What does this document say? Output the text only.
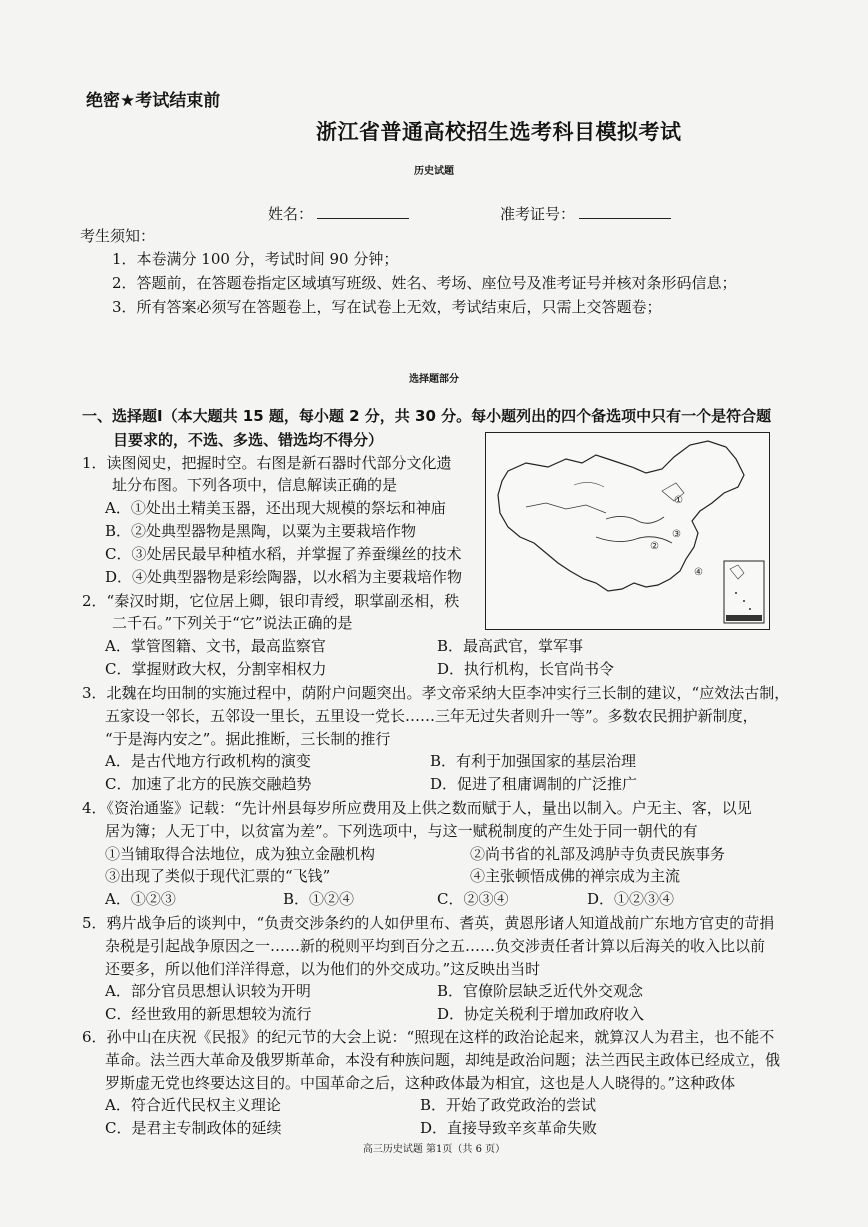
绝密★考试结束前
浙江省普通高校招生选考科目模拟考试
历史试题
姓名：	准考证号：
考生须知：
1．本卷满分 100 分，考试时间 90 分钟；
2．答题前，在答题卷指定区域填写班级、姓名、考场、座位号及准考证号并核对条形码信息；
3．所有答案必须写在答题卷上，写在试卷上无效，考试结束后，只需上交答题卷；
选择题部分
一、选择题Ⅰ（本大题共 15 题，每小题 2 分，共 30 分。每小题列出的四个备选项中只有一个是符合题
目要求的，不选、多选、错选均不得分）
1．读图阅史，把握时空。右图是新石器时代部分文化遗
址分布图。下列各项中，信息解读正确的是
A．①处出土精美玉器，还出现大规模的祭坛和神庙
B．②处典型器物是黑陶，以粟为主要栽培作物
C．③处居民最早种植水稻，并掌握了养蚕缫丝的技术
D．④处典型器物是彩绘陶器，以水稻为主要栽培作物
①
②
③
④
2．“秦汉时期，它位居上卿，银印青绶，职掌副丞相，秩
二千石。”下列关于“它”说法正确的是
A．掌管图籍、文书，最高监察官	B．最高武官，掌军事
C．掌握财政大权，分割宰相权力	D．执行机构，长官尚书令
3．北魏在均田制的实施过程中，荫附户问题突出。孝文帝采纳大臣李冲实行三长制的建议，“应效法古制，
五家设一邻长，五邻设一里长，五里设一党长……三年无过失者则升一等”。多数农民拥护新制度，
“于是海内安之”。据此推断，三长制的推行
A．是古代地方行政机构的演变	B．有利于加强国家的基层治理
C．加速了北方的民族交融趋势	D．促进了租庸调制的广泛推广
4．《资治通鉴》记载：“先计州县每岁所应费用及上供之数而赋于人，量出以制入。户无主、客，以见
居为簿；人无丁中，以贫富为差”。下列选项中，与这一赋税制度的产生处于同一朝代的有
①当铺取得合法地位，成为独立金融机构	②尚书省的礼部及鸿胪寺负责民族事务
③出现了类似于现代汇票的“飞钱”	④主张顿悟成佛的禅宗成为主流
A．①②③	B．①②④	C．②③④	D．①②③④
5．鸦片战争后的谈判中，“负责交涉条约的人如伊里布、耆英，黄恩彤诸人知道战前广东地方官吏的苛捐
杂税是引起战争原因之一……新的税则平均到百分之五……负交涉责任者计算以后海关的收入比以前
还要多，所以他们洋洋得意，以为他们的外交成功。”这反映出当时
A．部分官员思想认识较为开明	B．官僚阶层缺乏近代外交观念
C．经世致用的新思想较为流行	D．协定关税利于增加政府收入
6．孙中山在庆祝《民报》的纪元节的大会上说：“照现在这样的政治论起来，就算汉人为君主，也不能不
革命。法兰西大革命及俄罗斯革命，本没有种族问题，却纯是政治问题；法兰西民主政体已经成立，俄
罗斯虚无党也终要达这目的。中国革命之后，这种政体最为相宜，这也是人人晓得的。”这种政体
A．符合近代民权主义理论	B．开始了政党政治的尝试
C．是君主专制政体的延续	D．直接导致辛亥革命失败
高三历史试题 第1页（共 6 页）
